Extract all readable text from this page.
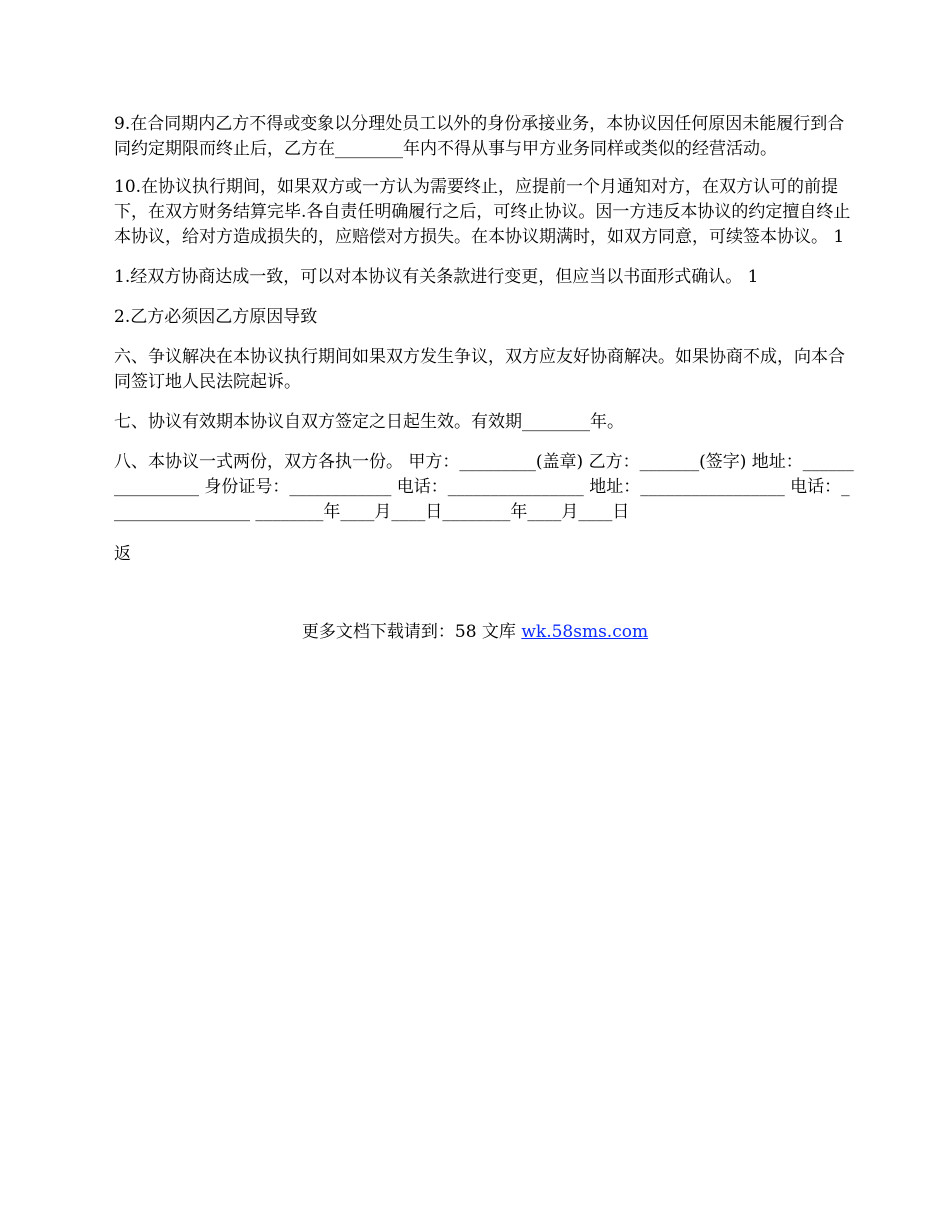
9.在合同期内乙方不得或变象以分理处员工以外的身份承接业务，本协议因任何原因未能履行到合同约定期限而终止后，乙方在________年内不得从事与甲方业务同样或类似的经营活动。

10.在协议执行期间，如果双方或一方认为需要终止，应提前一个月通知对方，在双方认可的前提下，在双方财务结算完毕.各自责任明确履行之后，可终止协议。因一方违反本协议的约定擅自终止本协议，给对方造成损失的，应赔偿对方损失。在本协议期满时，如双方同意，可续签本协议。 1

1.经双方协商达成一致，可以对本协议有关条款进行变更，但应当以书面形式确认。 1

2.乙方必须因乙方原因导致

六、争议解决在本协议执行期间如果双方发生争议，双方应友好协商解决。如果协商不成，向本合同签订地人民法院起诉。

七、协议有效期本协议自双方签定之日起生效。有效期________年。

八、本协议一式两份，双方各执一份。 甲方：_________(盖章) 乙方：_______(签字) 地址：________________ 身份证号：____________ 电话：________________ 地址：_________________ 电话：_________________ ________年____月____日________年____月____日

返

更多文档下载请到：58 文库 wk.58sms.com
